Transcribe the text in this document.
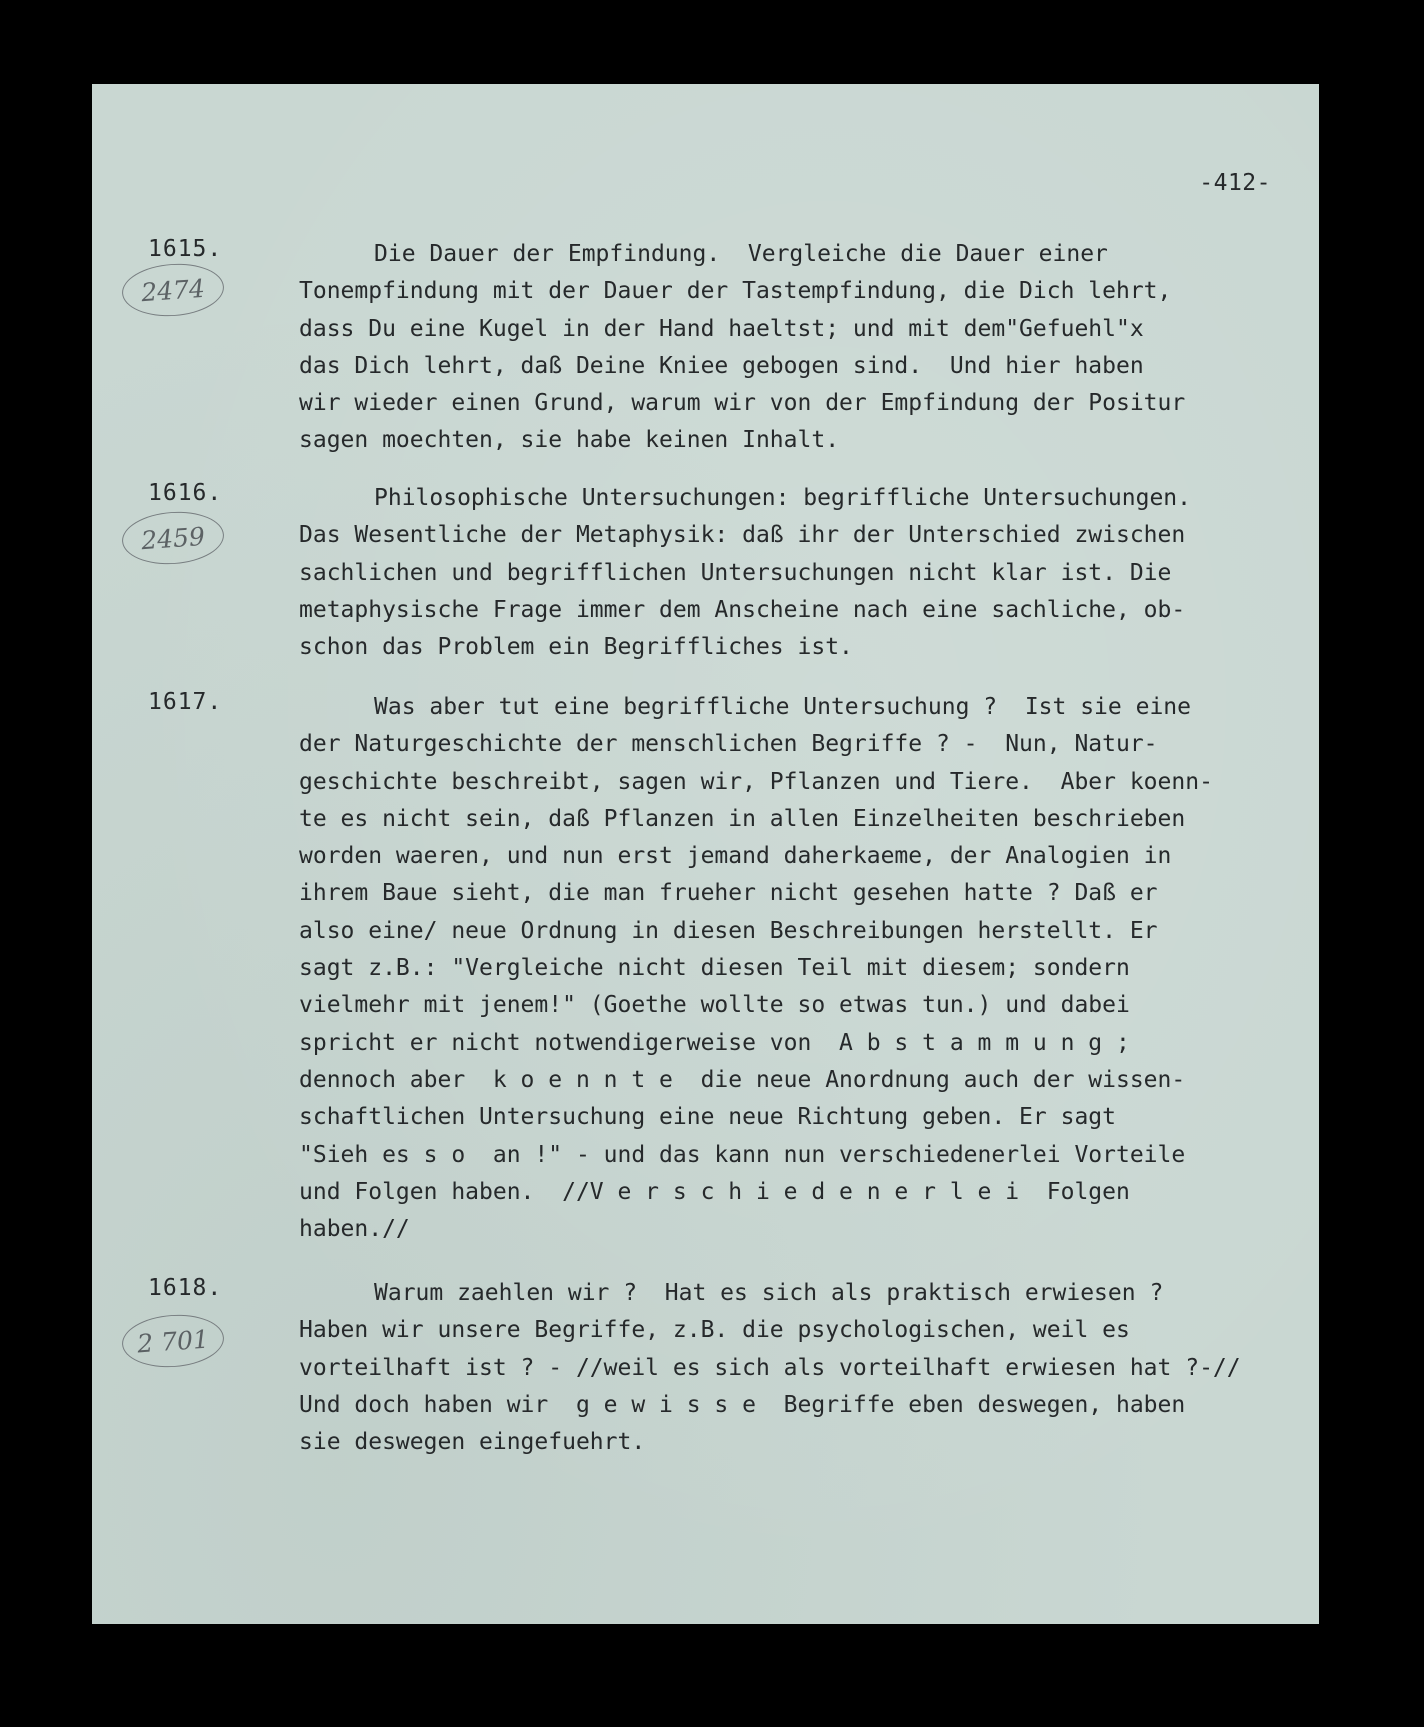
-412-
1615.
2474
Die Dauer der Empfindung.  Vergleiche die Dauer einer
Tonempfindung mit der Dauer der Tastempfindung, die Dich lehrt,
dass Du eine Kugel in der Hand haeltst; und mit dem"Gefuehl"x
das Dich lehrt, daß Deine Kniee gebogen sind.  Und hier haben
wir wieder einen Grund, warum wir von der Empfindung der Positur
sagen moechten, sie habe keinen Inhalt.
1616.
2459
Philosophische Untersuchungen: begriffliche Untersuchungen.
Das Wesentliche der Metaphysik: daß ihr der Unterschied zwischen
sachlichen und begrifflichen Untersuchungen nicht klar ist. Die
metaphysische Frage immer dem Anscheine nach eine sachliche, ob-
schon das Problem ein Begriffliches ist.
1617.	Was aber tut eine begriffliche Untersuchung ?  Ist sie eine
der Naturgeschichte der menschlichen Begriffe ? -  Nun, Natur-
geschichte beschreibt, sagen wir, Pflanzen und Tiere.  Aber koenn-
te es nicht sein, daß Pflanzen in allen Einzelheiten beschrieben
worden waeren, und nun erst jemand daherkaeme, der Analogien in
ihrem Baue sieht, die man frueher nicht gesehen hatte ? Daß er
also eine/ neue Ordnung in diesen Beschreibungen herstellt. Er
sagt z.B.: "Vergleiche nicht diesen Teil mit diesem; sondern
vielmehr mit jenem!" (Goethe wollte so etwas tun.) und dabei
spricht er nicht notwendigerweise von  A b s t a m m u n g ;
dennoch aber  k o e n n t e  die neue Anordnung auch der wissen-
schaftlichen Untersuchung eine neue Richtung geben. Er sagt
"Sieh es s o  an !" - und das kann nun verschiedenerlei Vorteile
und Folgen haben.  //V e r s c h i e d e n e r l e i  Folgen
haben.//
1618.
2 701
Warum zaehlen wir ?  Hat es sich als praktisch erwiesen ?
Haben wir unsere Begriffe, z.B. die psychologischen, weil es
vorteilhaft ist ? - //weil es sich als vorteilhaft erwiesen hat ?-//
Und doch haben wir  g e w i s s e  Begriffe eben deswegen, haben
sie deswegen eingefuehrt.
